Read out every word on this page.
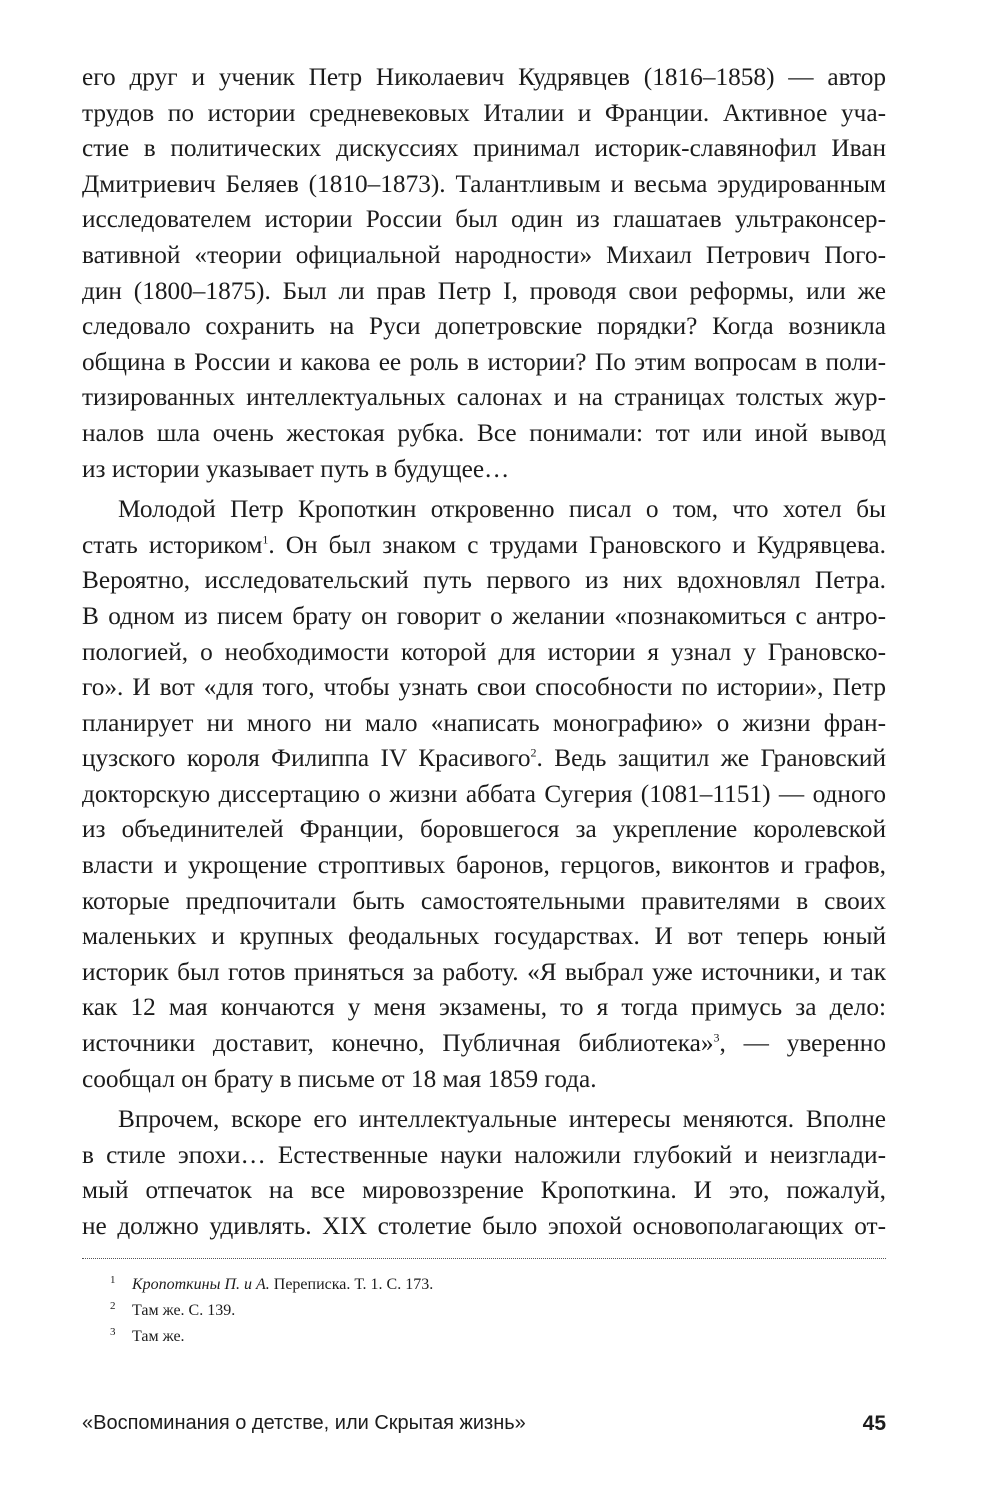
его друг и ученик Петр Николаевич Кудрявцев (1816–1858) — автор
трудов по истории средневековых Италии и Франции. Активное уча-
стие в политических дискуссиях принимал историк-славянофил Иван
Дмитриевич Беляев (1810–1873). Талантливым и весьма эрудированным
исследователем истории России был один из глашатаев ультраконсер-
вативной «теории официальной народности» Михаил Петрович Пого-
дин (1800–1875). Был ли прав Петр I, проводя свои реформы, или же
следовало сохранить на Руси допетровские порядки? Когда возникла
община в России и какова ее роль в истории? По этим вопросам в поли-
тизированных интеллектуальных салонах и на страницах толстых жур-
налов шла очень жестокая рубка. Все понимали: тот или иной вывод
из истории указывает путь в будущее…
Молодой Петр Кропоткин откровенно писал о том, что хотел бы
стать историком$^1$. Он был знаком с трудами Грановского и Кудрявцева.
Вероятно, исследовательский путь первого из них вдохновлял Петра.
В одном из писем брату он говорит о желании «познакомиться с антро-
пологией, о необходимости которой для истории я узнал у Грановско-
го». И вот «для того, чтобы узнать свои способности по истории», Петр
планирует ни много ни мало «написать монографию» о жизни фран-
цузского короля Филиппа IV Красивого$^2$. Ведь защитил же Грановский
докторскую диссертацию о жизни аббата Сугерия (1081–1151) — одного
из объединителей Франции, боровшегося за укрепление королевской
власти и укрощение строптивых баронов, герцогов, виконтов и графов,
которые предпочитали быть самостоятельными правителями в своих
маленьких и крупных феодальных государствах. И вот теперь юный
историк был готов приняться за работу. «Я выбрал уже источники, и так
как 12 мая кончаются у меня экзамены, то я тогда примусь за дело:
источники доставит, конечно, Публичная библиотека»$^3$, — уверенно
сообщал он брату в письме от 18 мая 1859 года.
Впрочем, вскоре его интеллектуальные интересы меняются. Вполне
в стиле эпохи… Естественные науки наложили глубокий и неизглади-
мый отпечаток на все мировоззрение Кропоткина. И это, пожалуй,
не должно удивлять. XIX столетие было эпохой основополагающих от-
1 Кропоткины П. и А. Переписка. Т. 1. С. 173.
2 Там же. С. 139.
3 Там же.
«Воспоминания о детстве, или Скрытая жизнь»	45
